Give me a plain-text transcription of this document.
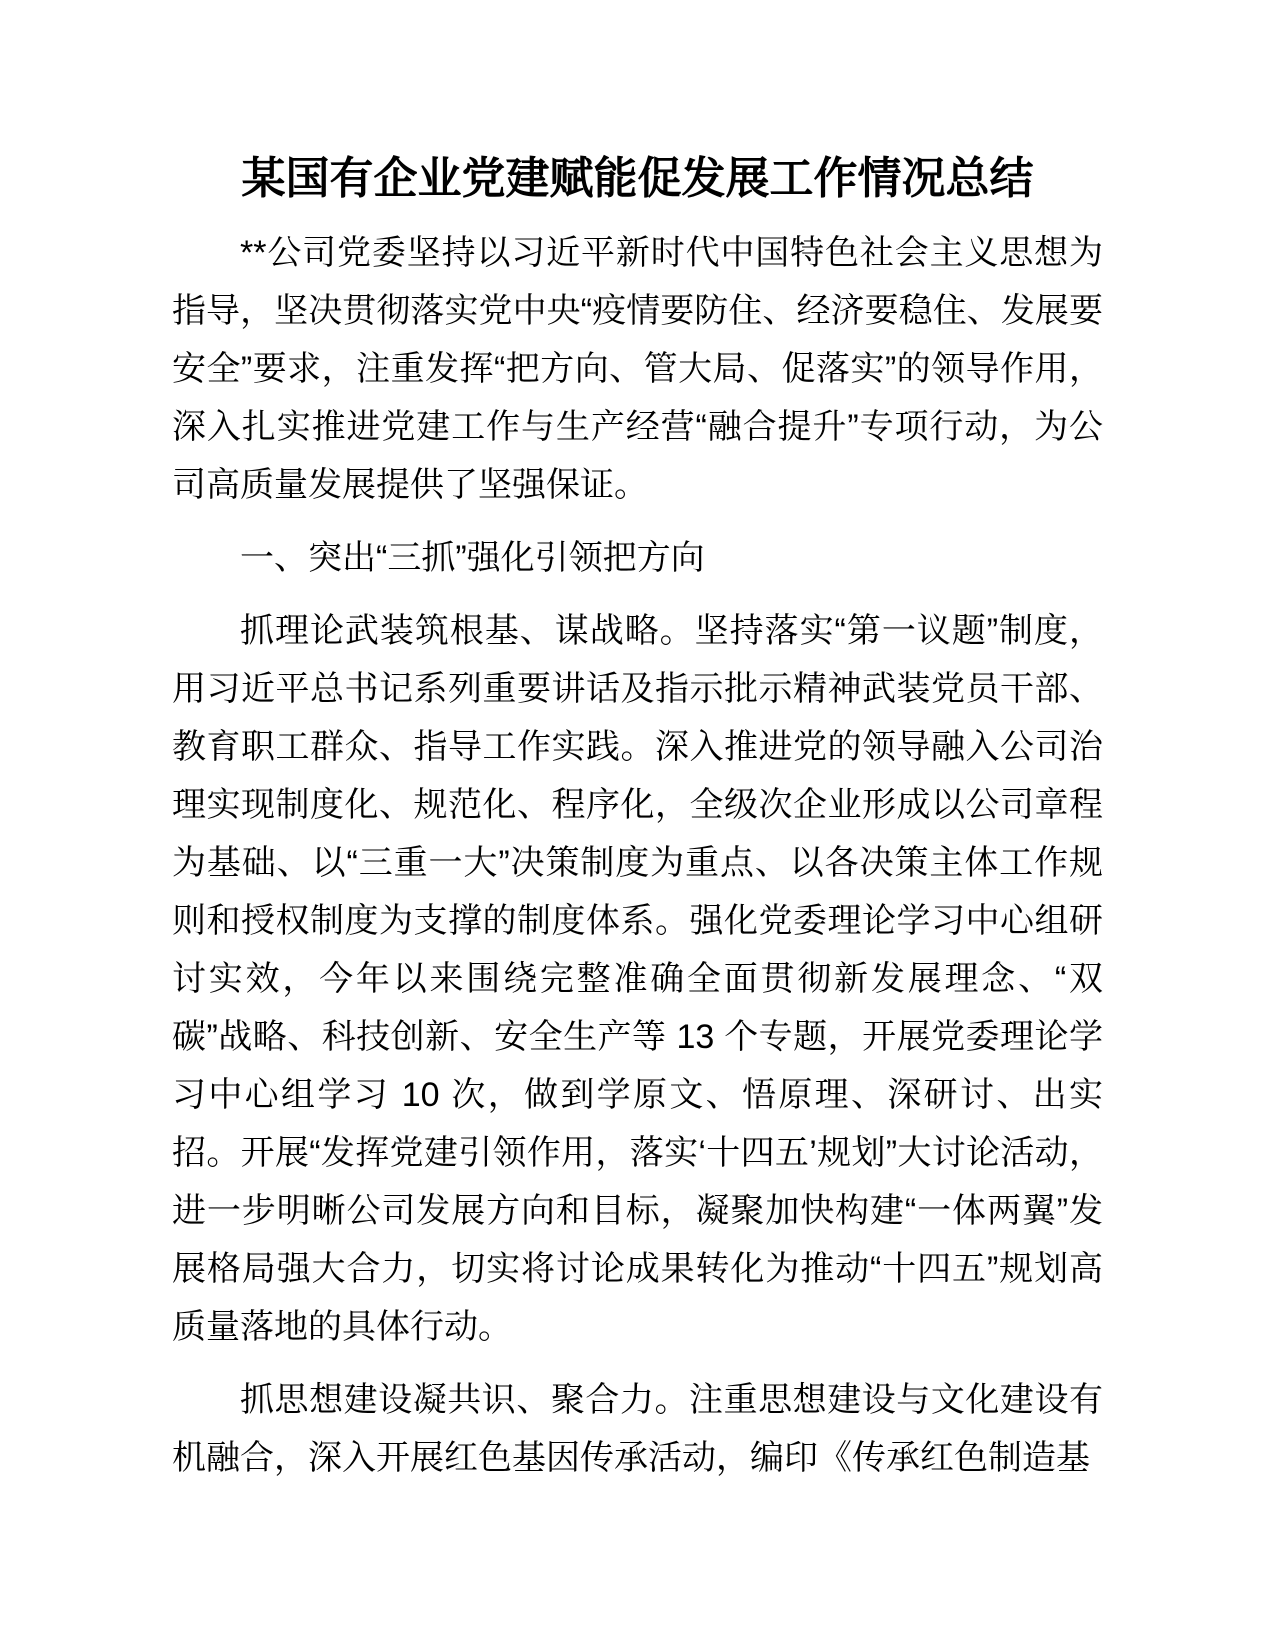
某国有企业党建赋能促发展工作情况总结

**公司党委坚持以习近平新时代中国特色社会主义思想为指导，坚决贯彻落实党中央“疫情要防住、经济要稳住、发展要安全”要求，注重发挥“把方向、管大局、促落实”的领导作用，深入扎实推进党建工作与生产经营“融合提升”专项行动，为公司高质量发展提供了坚强保证。

一、突出“三抓”强化引领把方向

抓理论武装筑根基、谋战略。坚持落实“第一议题”制度，用习近平总书记系列重要讲话及指示批示精神武装党员干部、教育职工群众、指导工作实践。深入推进党的领导融入公司治理实现制度化、规范化、程序化，全级次企业形成以公司章程为基础、以“三重一大”决策制度为重点、以各决策主体工作规则和授权制度为支撑的制度体系。强化党委理论学习中心组研讨实效，今年以来围绕完整准确全面贯彻新发展理念、“双碳”战略、科技创新、安全生产等 13 个专题，开展党委理论学习中心组学习 10 次，做到学原文、悟原理、深研讨、出实招。开展“发挥党建引领作用，落实‘十四五’规划”大讨论活动，进一步明晰公司发展方向和目标，凝聚加快构建“一体两翼”发展格局强大合力，切实将讨论成果转化为推动“十四五”规划高质量落地的具体行动。

抓思想建设凝共识、聚合力。注重思想建设与文化建设有机融合，深入开展红色基因传承活动，编印《传承红色制造基
